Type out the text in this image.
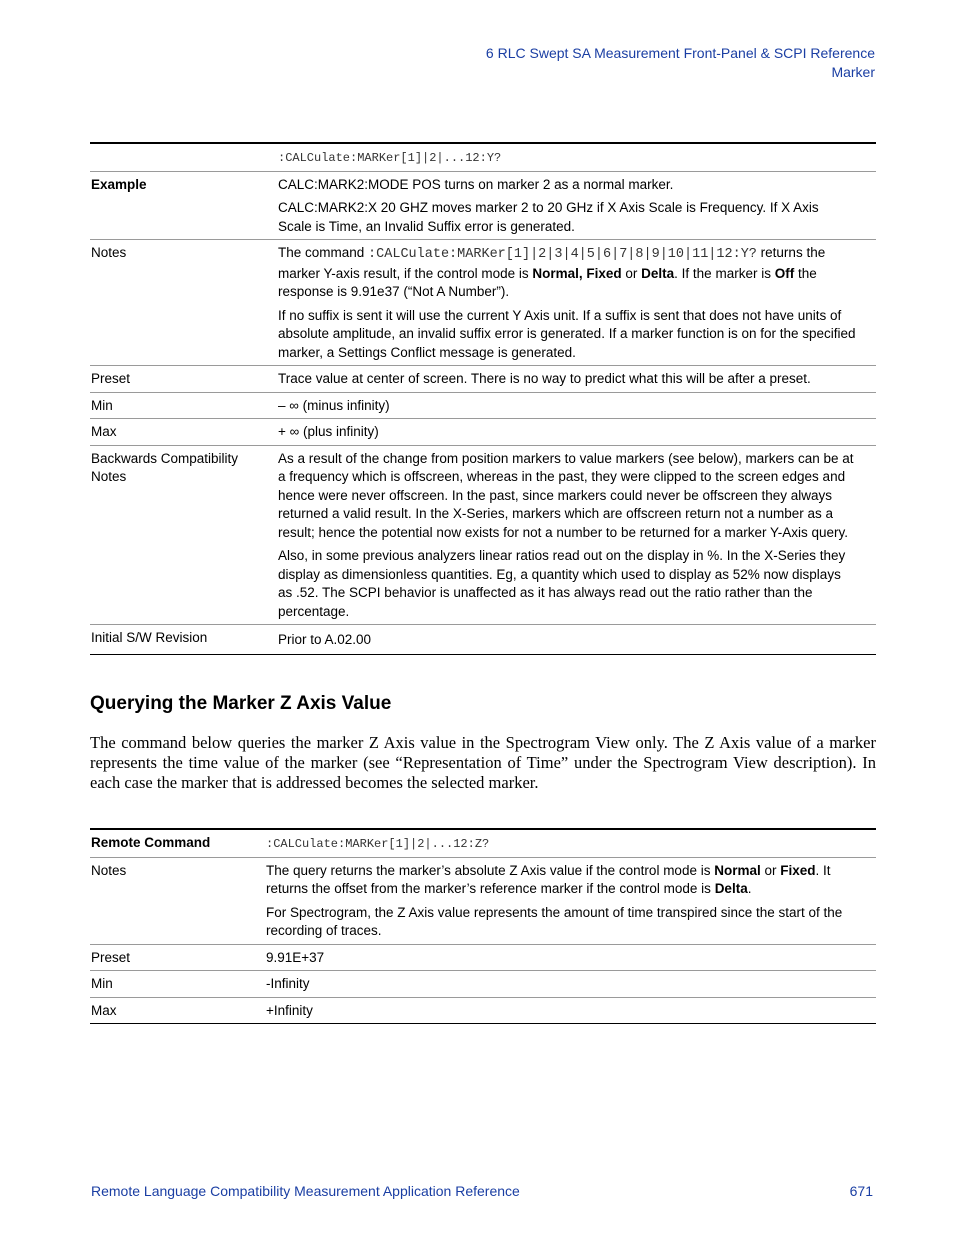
6 RLC Swept SA Measurement Front-Panel & SCPI Reference
Marker
	:CALCulate:MARKer[1]|2|...12:Y?
Example	CALC:MARK2:MODE POS turns on marker 2 as a normal marker.

CALC:MARK2:X 20 GHZ moves marker 2 to 20 GHz if X Axis Scale is Frequency. If X Axis Scale is Time, an Invalid Suffix error is generated.

Notes	The command :CALCulate:MARKer[1]|2|3|4|5|6|7|8|9|10|11|12:Y? returns the marker Y-axis result, if the control mode is Normal, Fixed or Delta. If the marker is Off the response is 9.91e37 (“Not A Number”).

If no suffix is sent it will use the current Y Axis unit. If a suffix is sent that does not have units of absolute amplitude, an invalid suffix error is generated. If a marker function is on for the specified marker, a Settings Conflict message is generated.

Preset	Trace value at center of screen. There is no way to predict what this will be after a preset.
Min	– ∞ (minus infinity)
Max	+ ∞ (plus infinity)
Backwards Compatibility Notes	As a result of the change from position markers to value markers (see below), markers can be at a frequency which is offscreen, whereas in the past, they were clipped to the screen edges and hence were never offscreen. In the past, since markers could never be offscreen they always returned a valid result. In the X-Series, markers which are offscreen return not a number as a result; hence the potential now exists for not a number to be returned for a marker Y-Axis query.

Also, in some previous analyzers linear ratios read out on the display in %. In the X-Series they display as dimensionless quantities. Eg, a quantity which used to display as 52% now displays as .52. The SCPI behavior is unaffected as it has always read out the ratio rather than the percentage.

Initial S/W Revision	Prior to A.02.00
Querying the Marker Z Axis Value
The command below queries the marker Z Axis value in the Spectrogram View only. The Z Axis value of a marker represents the time value of the marker (see “Representation of Time” under the Spectrogram View description). In each case the marker that is addressed becomes the selected marker.
Remote Command	:CALCulate:MARKer[1]|2|...12:Z?
Notes	The query returns the marker’s absolute Z Axis value if the control mode is Normal or Fixed. It returns the offset from the marker’s reference marker if the control mode is Delta.

For Spectrogram, the Z Axis value represents the amount of time transpired since the start of the recording of traces.

Preset	9.91E+37
Min	-Infinity
Max	+Infinity
Remote Language Compatibility Measurement Application Reference	671
